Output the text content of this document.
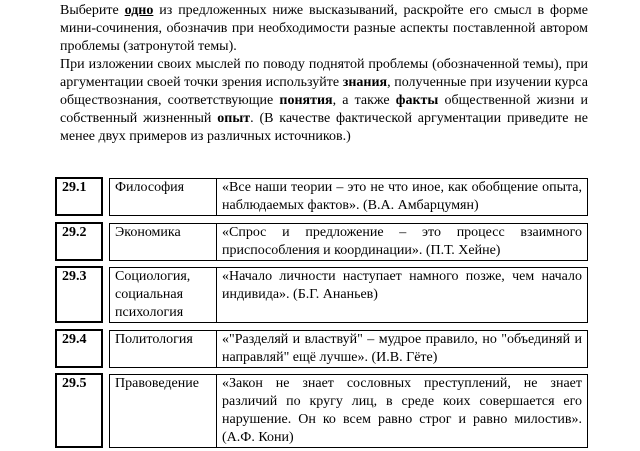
Выберите одно из предложенных ниже высказываний, раскройте его смысл в форме мини-сочинения, обозначив при необходимости разные аспекты поставленной автором проблемы (затронутой темы).

При изложении своих мыслей по поводу поднятой проблемы (обозначенной темы), при аргументации своей точки зрения используйте знания, полученные при изучении курса обществознания, соответствующие понятия, а также факты общественной жизни и собственный жизненный опыт. (В качестве фактической аргументации приведите не менее двух примеров из различных источников.)

29.1		Философия	«Все наши теории – это не что иное, как обобщение опыта, наблюдаемых фактов». (В.А. Амбарцумян)
29.2		Экономика	«Спрос и предложение – это процесс взаимного приспособления и координации». (П.Т. Хейне)
29.3		Социология, социальная психология	«Начало личности наступает намного позже, чем начало индивида». (Б.Г. Ананьев)
29.4		Политология	«"Разделяй и властвуй" – мудрое правило, но "объединяй и направляй" ещё лучше». (И.В. Гёте)
29.5		Правоведение	«Закон не знает сословных преступлений, не знает различий по кругу лиц, в среде коих совершается его нарушение. Он ко всем равно строг и равно милостив». (А.Ф. Кони)
